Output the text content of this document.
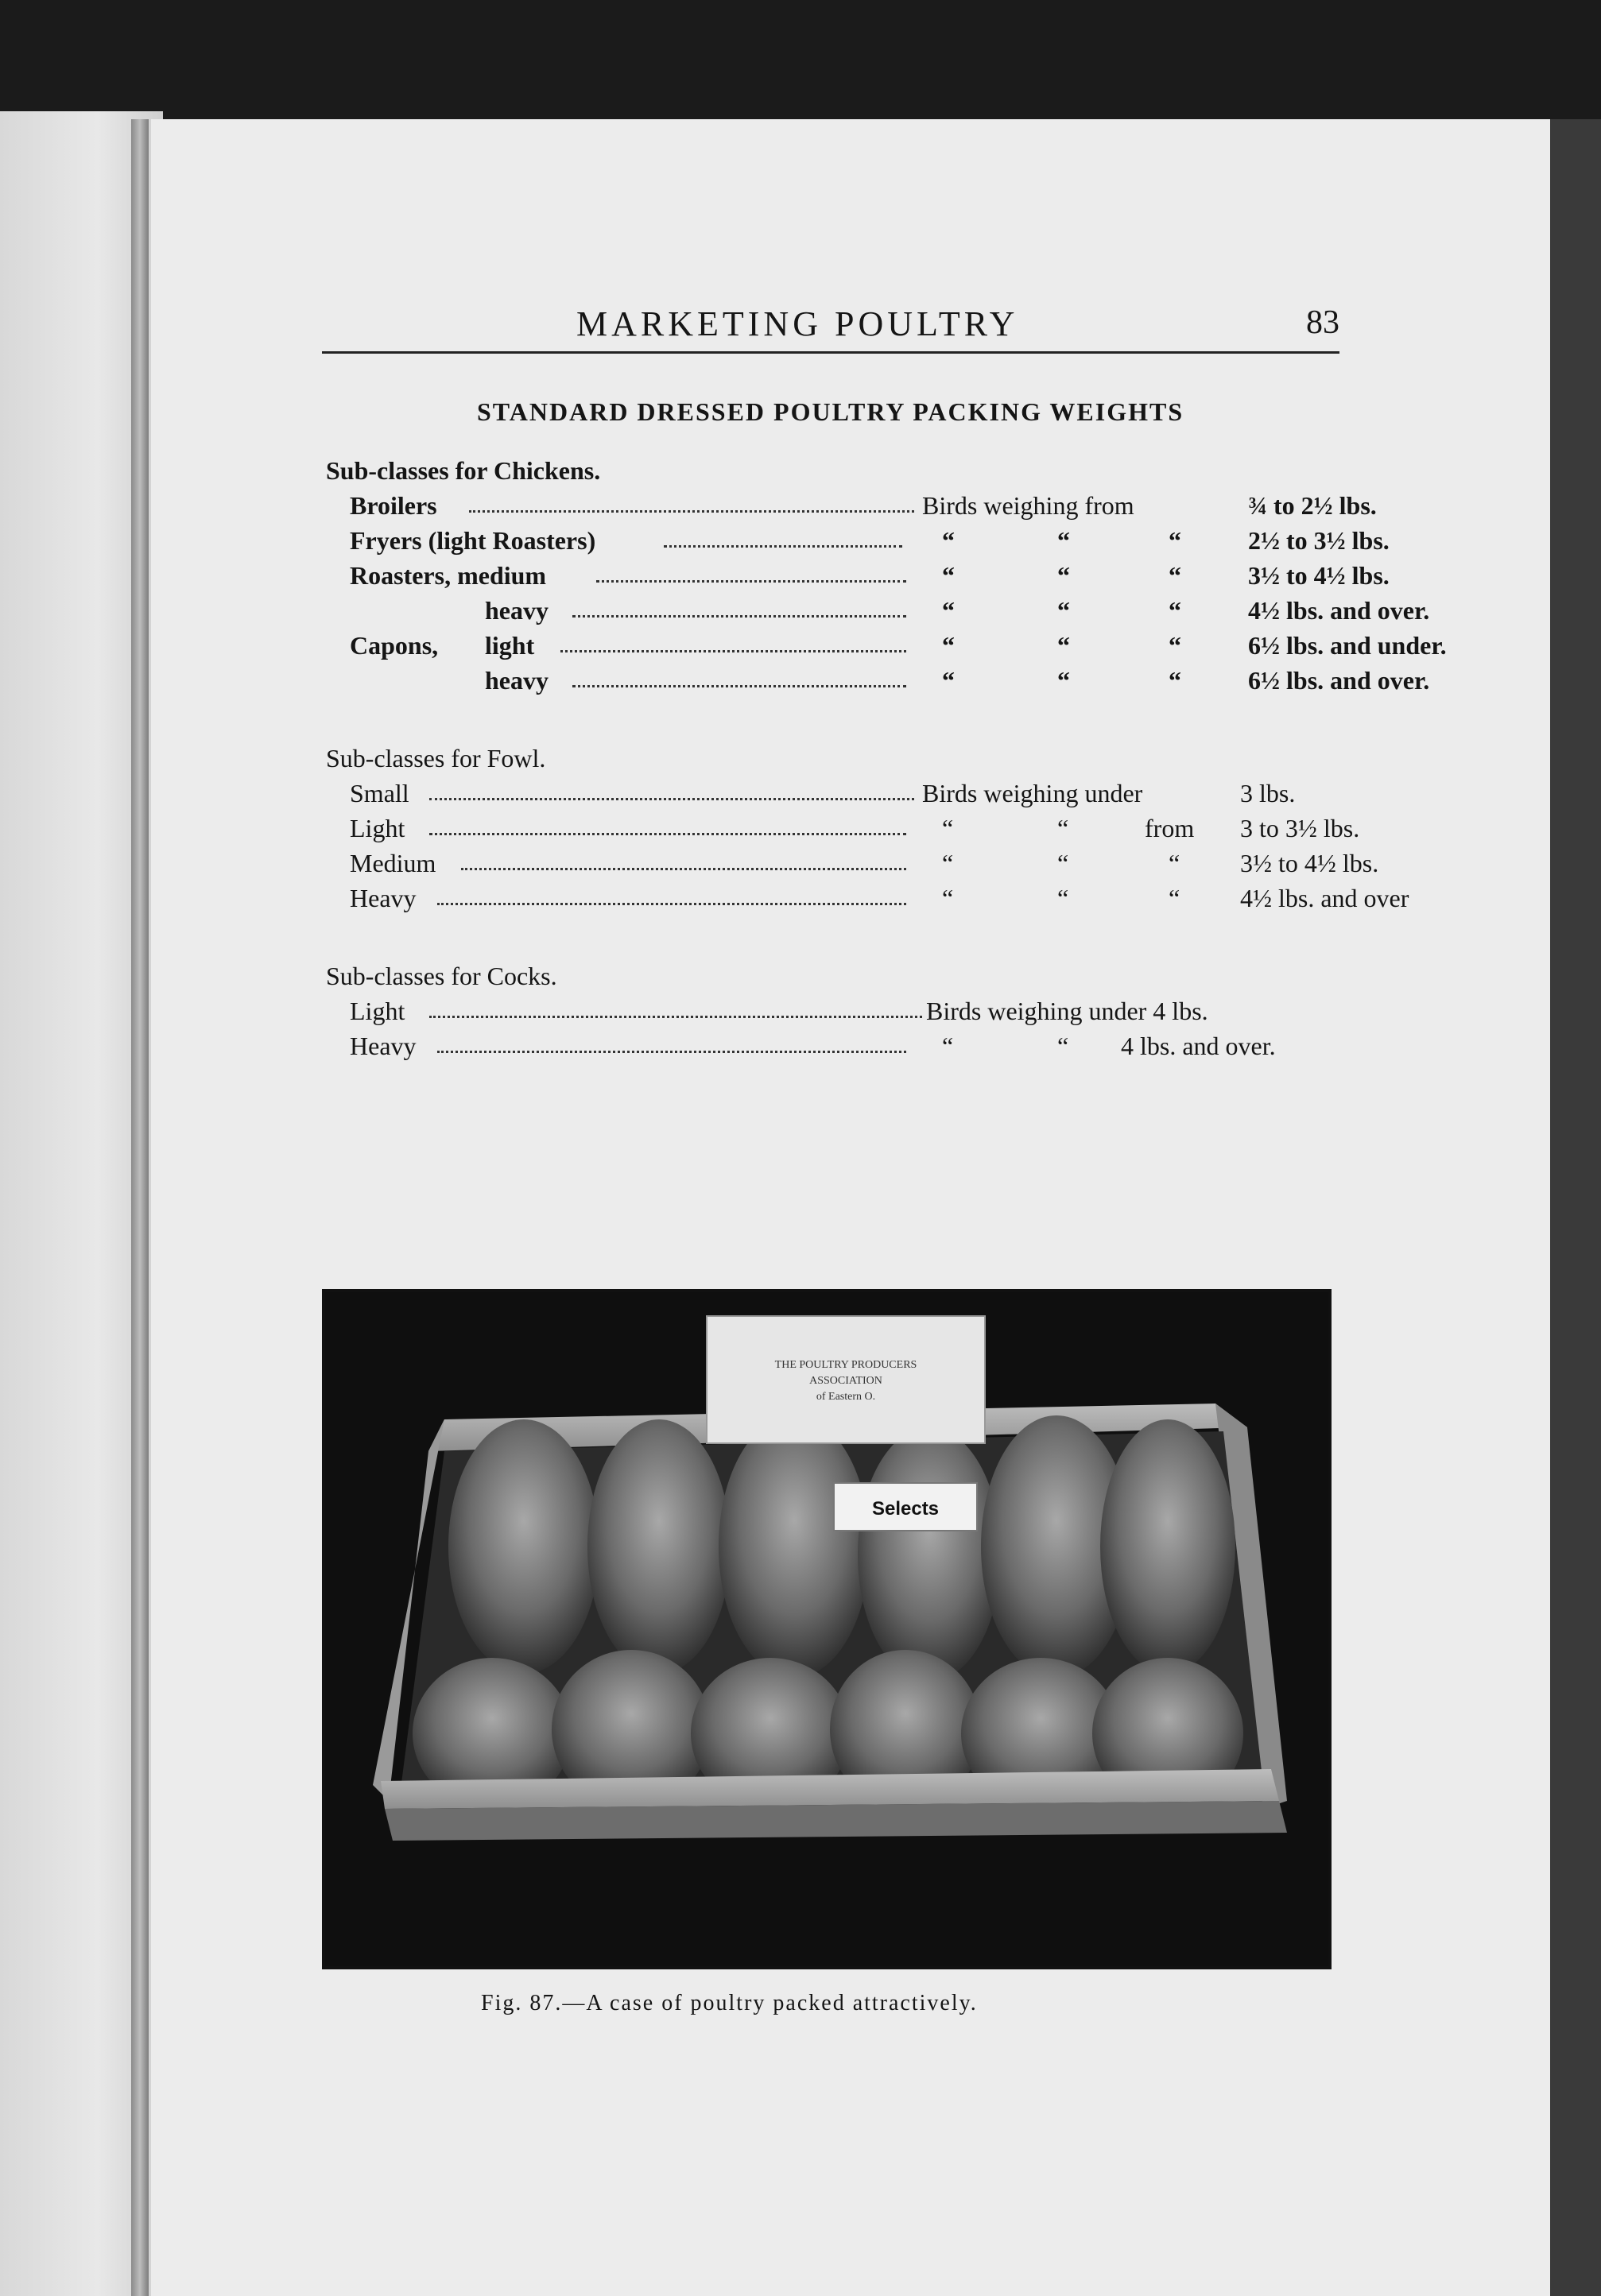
MARKETING POULTRY	83
STANDARD DRESSED POULTRY PACKING WEIGHTS
Sub-classes for Chickens.
Broilers	Birds weighing from	¾ to 2½ lbs.
Fryers (light Roasters)	“	“	“	2½ to 3½ lbs.
Roasters, medium	“	“	“	3½ to 4½ lbs.
heavy	“	“	“	4½ lbs. and over.
Capons, light	“	“	“	6½ lbs. and under.
heavy	“	“	“	6½ lbs. and over.
Sub-classes for Fowl.
Small	Birds weighing under	3 lbs.
Light	“	“	from 3 to 3½ lbs.
Medium	“	“	“ 3½ to 4½ lbs.
Heavy	“	“	“ 4½ lbs. and over
Sub-classes for Cocks.
Light	Birds weighing under 4 lbs.
Heavy	“	“ 4 lbs. and over.
THE POULTRY PRODUCERS
ASSOCIATION
of Eastern O.
Selects
Fig. 87.—A case of poultry packed attractively.
